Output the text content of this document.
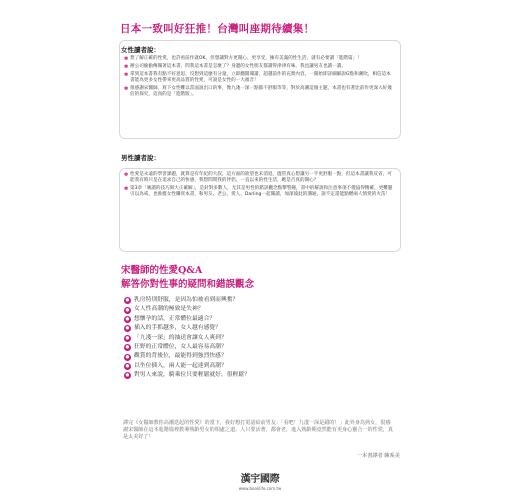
日本一致叫好狂推！台灣叫座期待續集！
女性讀者說：
✽ 想了解正確的性愛，也許看前作就OK，但想讓對方更開心、更享受，擁有美滿的性生活，就有必要讀「進階篇」！
✽ 辦公司偷偷傳閱著這本書，問我這本書是怎麼了？身邊的女性朋友都讀得津津有味，我也讓男友也讀一讀。
✽ 拿到這本書我有點不好意思，沒想到這麼有分量，立即翻開閱讀，超越前作的充實內容，一開始即詳細解說G點和潮吹，相信這本書能為更多女性帶來更高品質的性愛，可說是女性的一大福音！
✽ 很感謝宋醫師，寫下女性難以當面說出口的事，像九淺一深一點都不舒服等等，對於高潮這個主題，本書也有著比前作更深入好幾倍的探究，這真的是「進階版」。
男性讀者說：
✽ 性愛是永遠的學習課題，就算是有年紀的大叔，這方面的欲望也未消退，儘管真心想讓另一半更舒服一點，但這本書讓我反省，可能我有時只是在追求自己的快感，我想問問我的伴侶，一直以來的性生活，她是否真的開心？
✽ 第3章「廣讀的技巧與大正確解」，是針對多數人，尤其是男性的錯誤觀念點撃警鐘，書中的解說和注意事項不僅協得精確，更難題引以為戒，也推薦女性購買本書，和男友、老公、愛人、Darling一起閱讀，加深彼此的溝通，說不定還能點燃兩人情愛的火苗！
宋醫師的性愛Q&A
解答你對性事的疑問和錯誤觀念
● 乳房特別舒服，是因為怕被看到而興奮？
● 女人性高潮的極致是失神？
● 想懷孕的話，正常體位最適合？
● 插入的手抓越多，女人越有感覺？
● 「九淺一深」的抽送會讓女人爽到？
● 狂野的正常體位，女人最容易高潮？
● 觀賞的背後位，最能得到強烈快感？
● 以坐位插入，兩人能一起達到高潮？
● 對男人來說，騎乘位只要輕鬆就好，很輕鬆？
譯完《女醫師教你高潮迭起的性愛》的當下，我好想打電話給前男友：「看吧！九淺一深是錯的！」此外身為熟女，很感謝宋醫師在這本進階篇裡教導熟齡男女的相處之道。人只要活著，都會老，進入熟齡期竟然能有更身心靈合一的性愛，真是太美好了！
一本書譯者 陳系美
漢宇國際
www.booklife.com.tw
